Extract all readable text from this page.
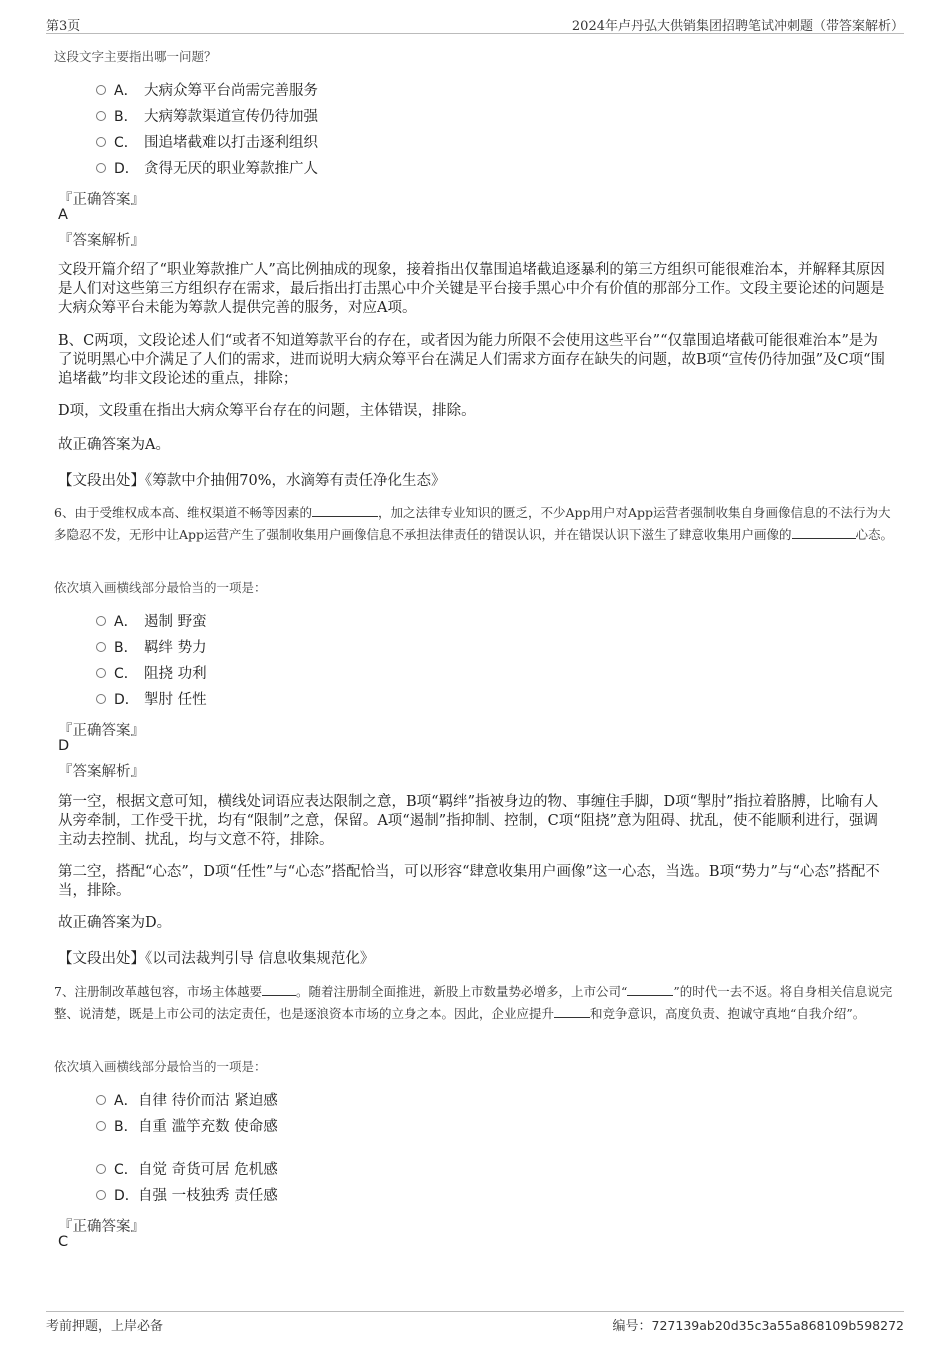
第3页	2024年卢丹弘大供销集团招聘笔试冲刺题（带答案解析）
这段文字主要指出哪一问题？
A． 大病众筹平台尚需完善服务
B． 大病筹款渠道宣传仍待加强
C． 围追堵截难以打击逐利组织
D． 贪得无厌的职业筹款推广人
『正确答案』
A
『答案解析』
文段开篇介绍了“职业筹款推广人”高比例抽成的现象，接着指出仅靠围追堵截追逐暴利的第三方组织可能很难治本，并解释其原因是人们对这些第三方组织存在需求，最后指出打击黑心中介关键是平台接手黑心中介有价值的那部分工作。文段主要论述的问题是大病众筹平台未能为筹款人提供完善的服务，对应A项。
B、C两项，文段论述人们“或者不知道筹款平台的存在，或者因为能力所限不会使用这些平台”“仅靠围追堵截可能很难治本”是为了说明黑心中介满足了人们的需求，进而说明大病众筹平台在满足人们需求方面存在缺失的问题，故B项“宣传仍待加强”及C项“围追堵截”均非文段论述的重点，排除；
D项，文段重在指出大病众筹平台存在的问题，主体错误，排除。
故正确答案为A。
【文段出处】《筹款中介抽佣70%，水滴筹有责任净化生态》
6、由于受维权成本高、维权渠道不畅等因素的	，加之法律专业知识的匮乏，不少App用户对App运营者强制收集自身画像信息的不法行为大多隐忍不发，无形中让App运营产生了强制收集用户画像信息不承担法律责任的错误认识，并在错误认识下滋生了肆意收集用户画像的	心态。
依次填入画横线部分最恰当的一项是：
A． 遏制 野蛮
B． 羁绊 势力
C． 阻挠 功利
D． 掣肘 任性
『正确答案』
D
『答案解析』
第一空，根据文意可知，横线处词语应表达限制之意，B项“羁绊”指被身边的物、事缠住手脚，D项“掣肘”指拉着胳膊，比喻有人从旁牵制，工作受干扰，均有“限制”之意，保留。A项“遏制”指抑制、控制，C项“阻挠”意为阻碍、扰乱，使不能顺利进行，强调主动去控制、扰乱，均与文意不符，排除。
第二空，搭配“心态”，D项“任性”与“心态”搭配恰当，可以形容“肆意收集用户画像”这一心态，当选。B项“势力”与“心态”搭配不当，排除。
故正确答案为D。
【文段出处】《以司法裁判引导 信息收集规范化》
7、注册制改革越包容，市场主体越要	。随着注册制全面推进，新股上市数量势必增多，上市公司“	”的时代一去不返。将自身相关信息说完整、说清楚，既是上市公司的法定责任，也是逐浪资本市场的立身之本。因此，企业应提升	和竞争意识，高度负责、抱诚守真地“自我介绍”。
依次填入画横线部分最恰当的一项是：
A．自律 待价而沽 紧迫感
B．自重 滥竽充数 使命感
C．自觉 奇货可居 危机感
D．自强 一枝独秀 责任感
『正确答案』
C
考前押题，上岸必备	编号：727139ab20d35c3a55a868109b598272
